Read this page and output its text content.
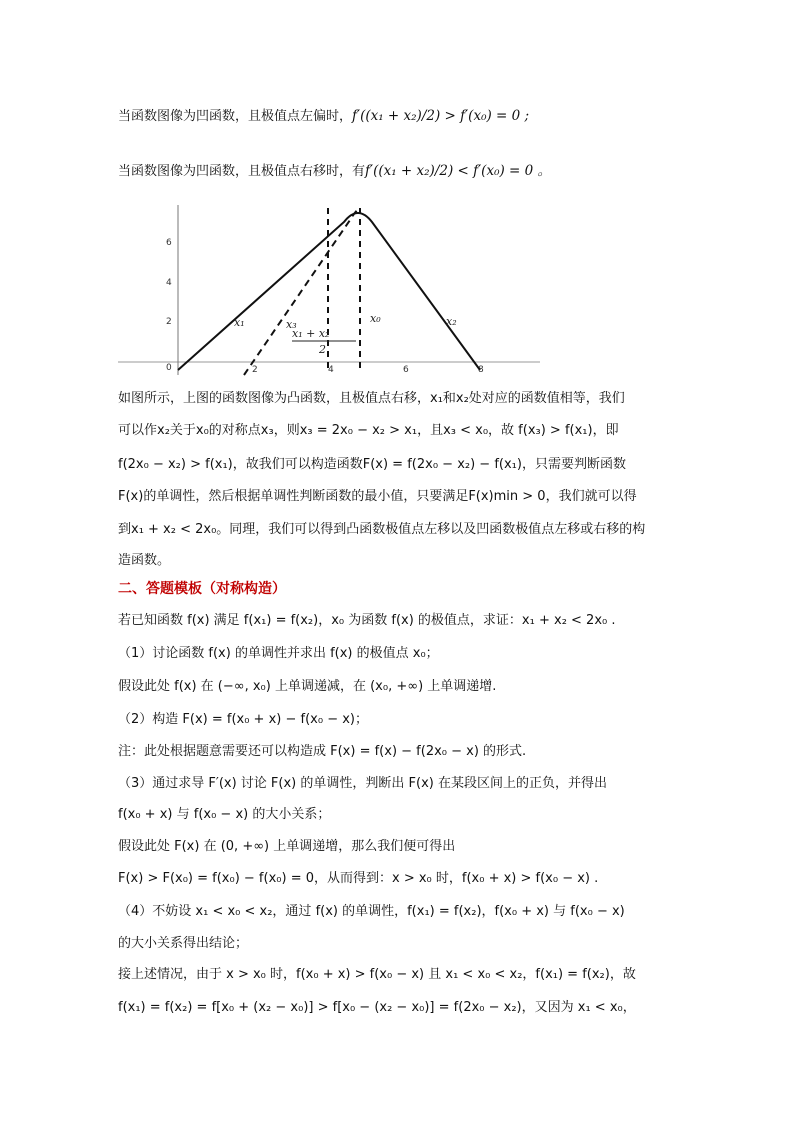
当函数图像为凹函数，且极值点左偏时，f′((x₁ + x₂)/2) > f′(x₀) = 0 ;
当函数图像为凹函数，且极值点右移时，有f′((x₁ + x₂)/2) < f′(x₀) = 0 。
6
4
2
0	2	4	6	8
x₁	x₃	x₀	x₂
x₁ + x₂
2
如图所示，上图的函数图像为凸函数，且极值点右移，x₁和x₂处对应的函数值相等，我们
可以作x₂关于x₀的对称点x₃，则x₃ = 2x₀ − x₂ > x₁，且x₃ < x₀，故 f(x₃) > f(x₁)，即
f(2x₀ − x₂) > f(x₁)，故我们可以构造函数F(x) = f(2x₀ − x₂) − f(x₁)，只需要判断函数
F(x)的单调性，然后根据单调性判断函数的最小值，只要满足F(x)min > 0，我们就可以得
到x₁ + x₂ < 2x₀。同理，我们可以得到凸函数极值点左移以及凹函数极值点左移或右移的构
造函数。
二、答题模板（对称构造）
若已知函数 f(x) 满足 f(x₁) = f(x₂)，x₀ 为函数 f(x) 的极值点，求证：x₁ + x₂ < 2x₀ .
（1）讨论函数 f(x) 的单调性并求出 f(x) 的极值点 x₀；
假设此处 f(x) 在 (−∞, x₀) 上单调递减，在 (x₀, +∞) 上单调递增.
（2）构造 F(x) = f(x₀ + x) − f(x₀ − x)；
注：此处根据题意需要还可以构造成 F(x) = f(x) − f(2x₀ − x) 的形式.
（3）通过求导 F′(x) 讨论 F(x) 的单调性，判断出 F(x) 在某段区间上的正负，并得出
f(x₀ + x) 与 f(x₀ − x) 的大小关系；
假设此处 F(x) 在 (0, +∞) 上单调递增，那么我们便可得出
F(x) > F(x₀) = f(x₀) − f(x₀) = 0，从而得到：x > x₀ 时，f(x₀ + x) > f(x₀ − x) .
（4）不妨设 x₁ < x₀ < x₂，通过 f(x) 的单调性，f(x₁) = f(x₂)，f(x₀ + x) 与 f(x₀ − x)
的大小关系得出结论；
接上述情况，由于 x > x₀ 时，f(x₀ + x) > f(x₀ − x) 且 x₁ < x₀ < x₂，f(x₁) = f(x₂)，故
f(x₁) = f(x₂) = f[x₀ + (x₂ − x₀)] > f[x₀ − (x₂ − x₀)] = f(2x₀ − x₂)，又因为 x₁ < x₀，
